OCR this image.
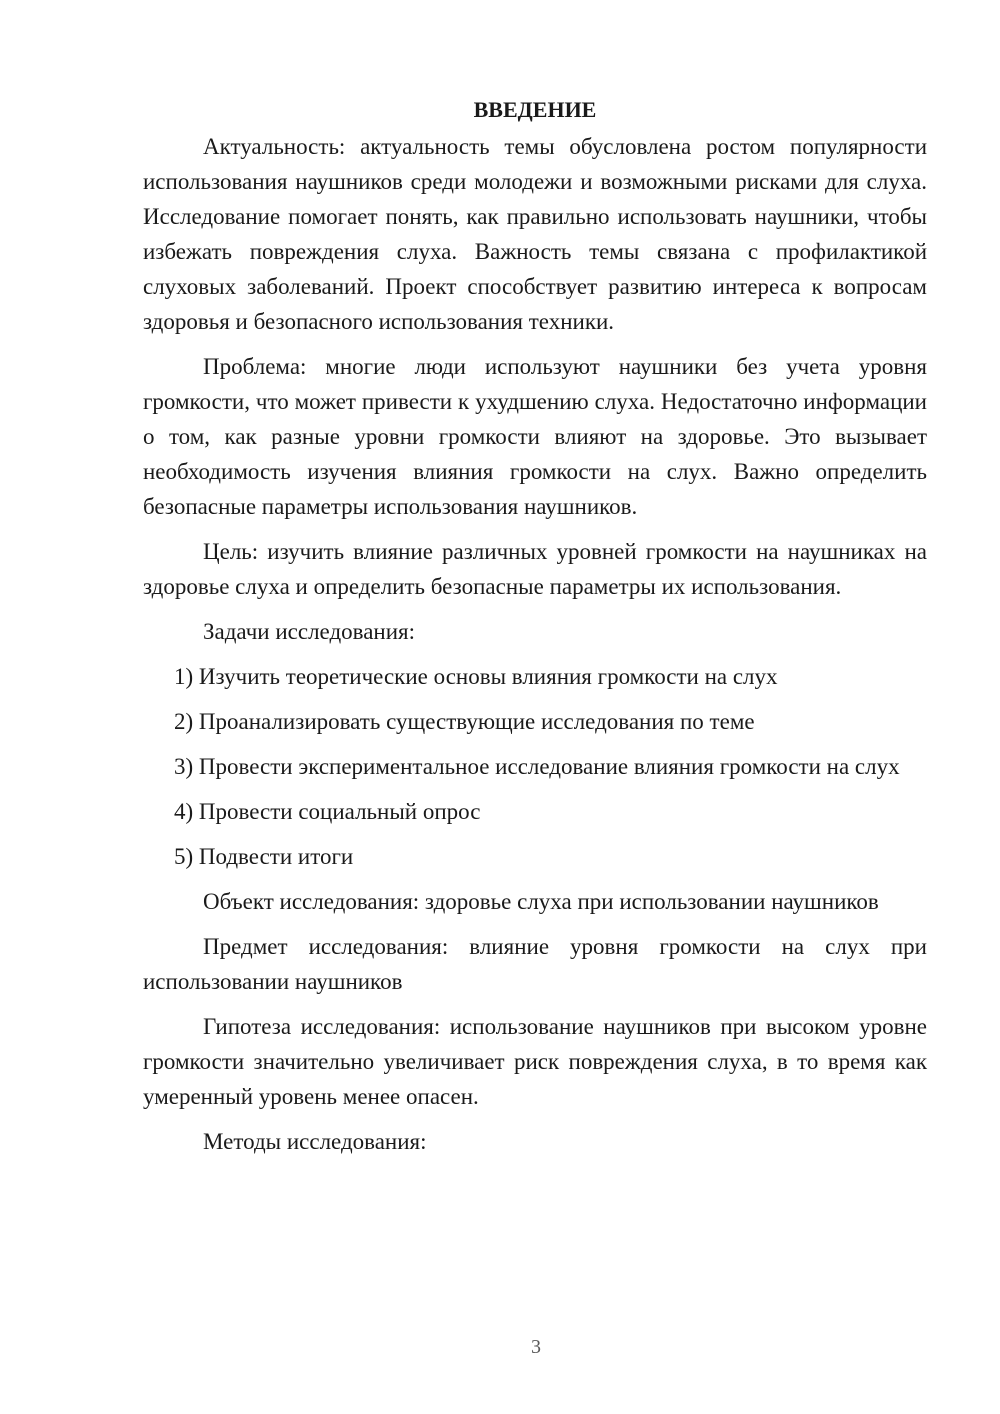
ВВЕДЕНИЕ

Актуальность: актуальность темы обусловлена ростом популярности использования наушников среди молодежи и возможными рисками для слуха. Исследование помогает понять, как правильно использовать наушники, чтобы избежать повреждения слуха. Важность темы связана с профилактикой слуховых заболеваний. Проект способствует развитию интереса к вопросам здоровья и безопасного использования техники.

Проблема: многие люди используют наушники без учета уровня громкости, что может привести к ухудшению слуха. Недостаточно информации о том, как разные уровни громкости влияют на здоровье. Это вызывает необходимость изучения влияния громкости на слух. Важно определить безопасные параметры использования наушников.

Цель: изучить влияние различных уровней громкости на наушниках на здоровье слуха и определить безопасные параметры их использования.

Задачи исследования:

1) Изучить теоретические основы влияния громкости на слух

2) Проанализировать существующие исследования по теме

3) Провести экспериментальное исследование влияния громкости на слух

4) Провести социальный опрос

5) Подвести итоги

Объект исследования: здоровье слуха при использовании наушников

Предмет исследования: влияние уровня громкости на слух при использовании наушников

Гипотеза исследования: использование наушников при высоком уровне громкости значительно увеличивает риск повреждения слуха, в то время как умеренный уровень менее опасен.

Методы исследования:

3
